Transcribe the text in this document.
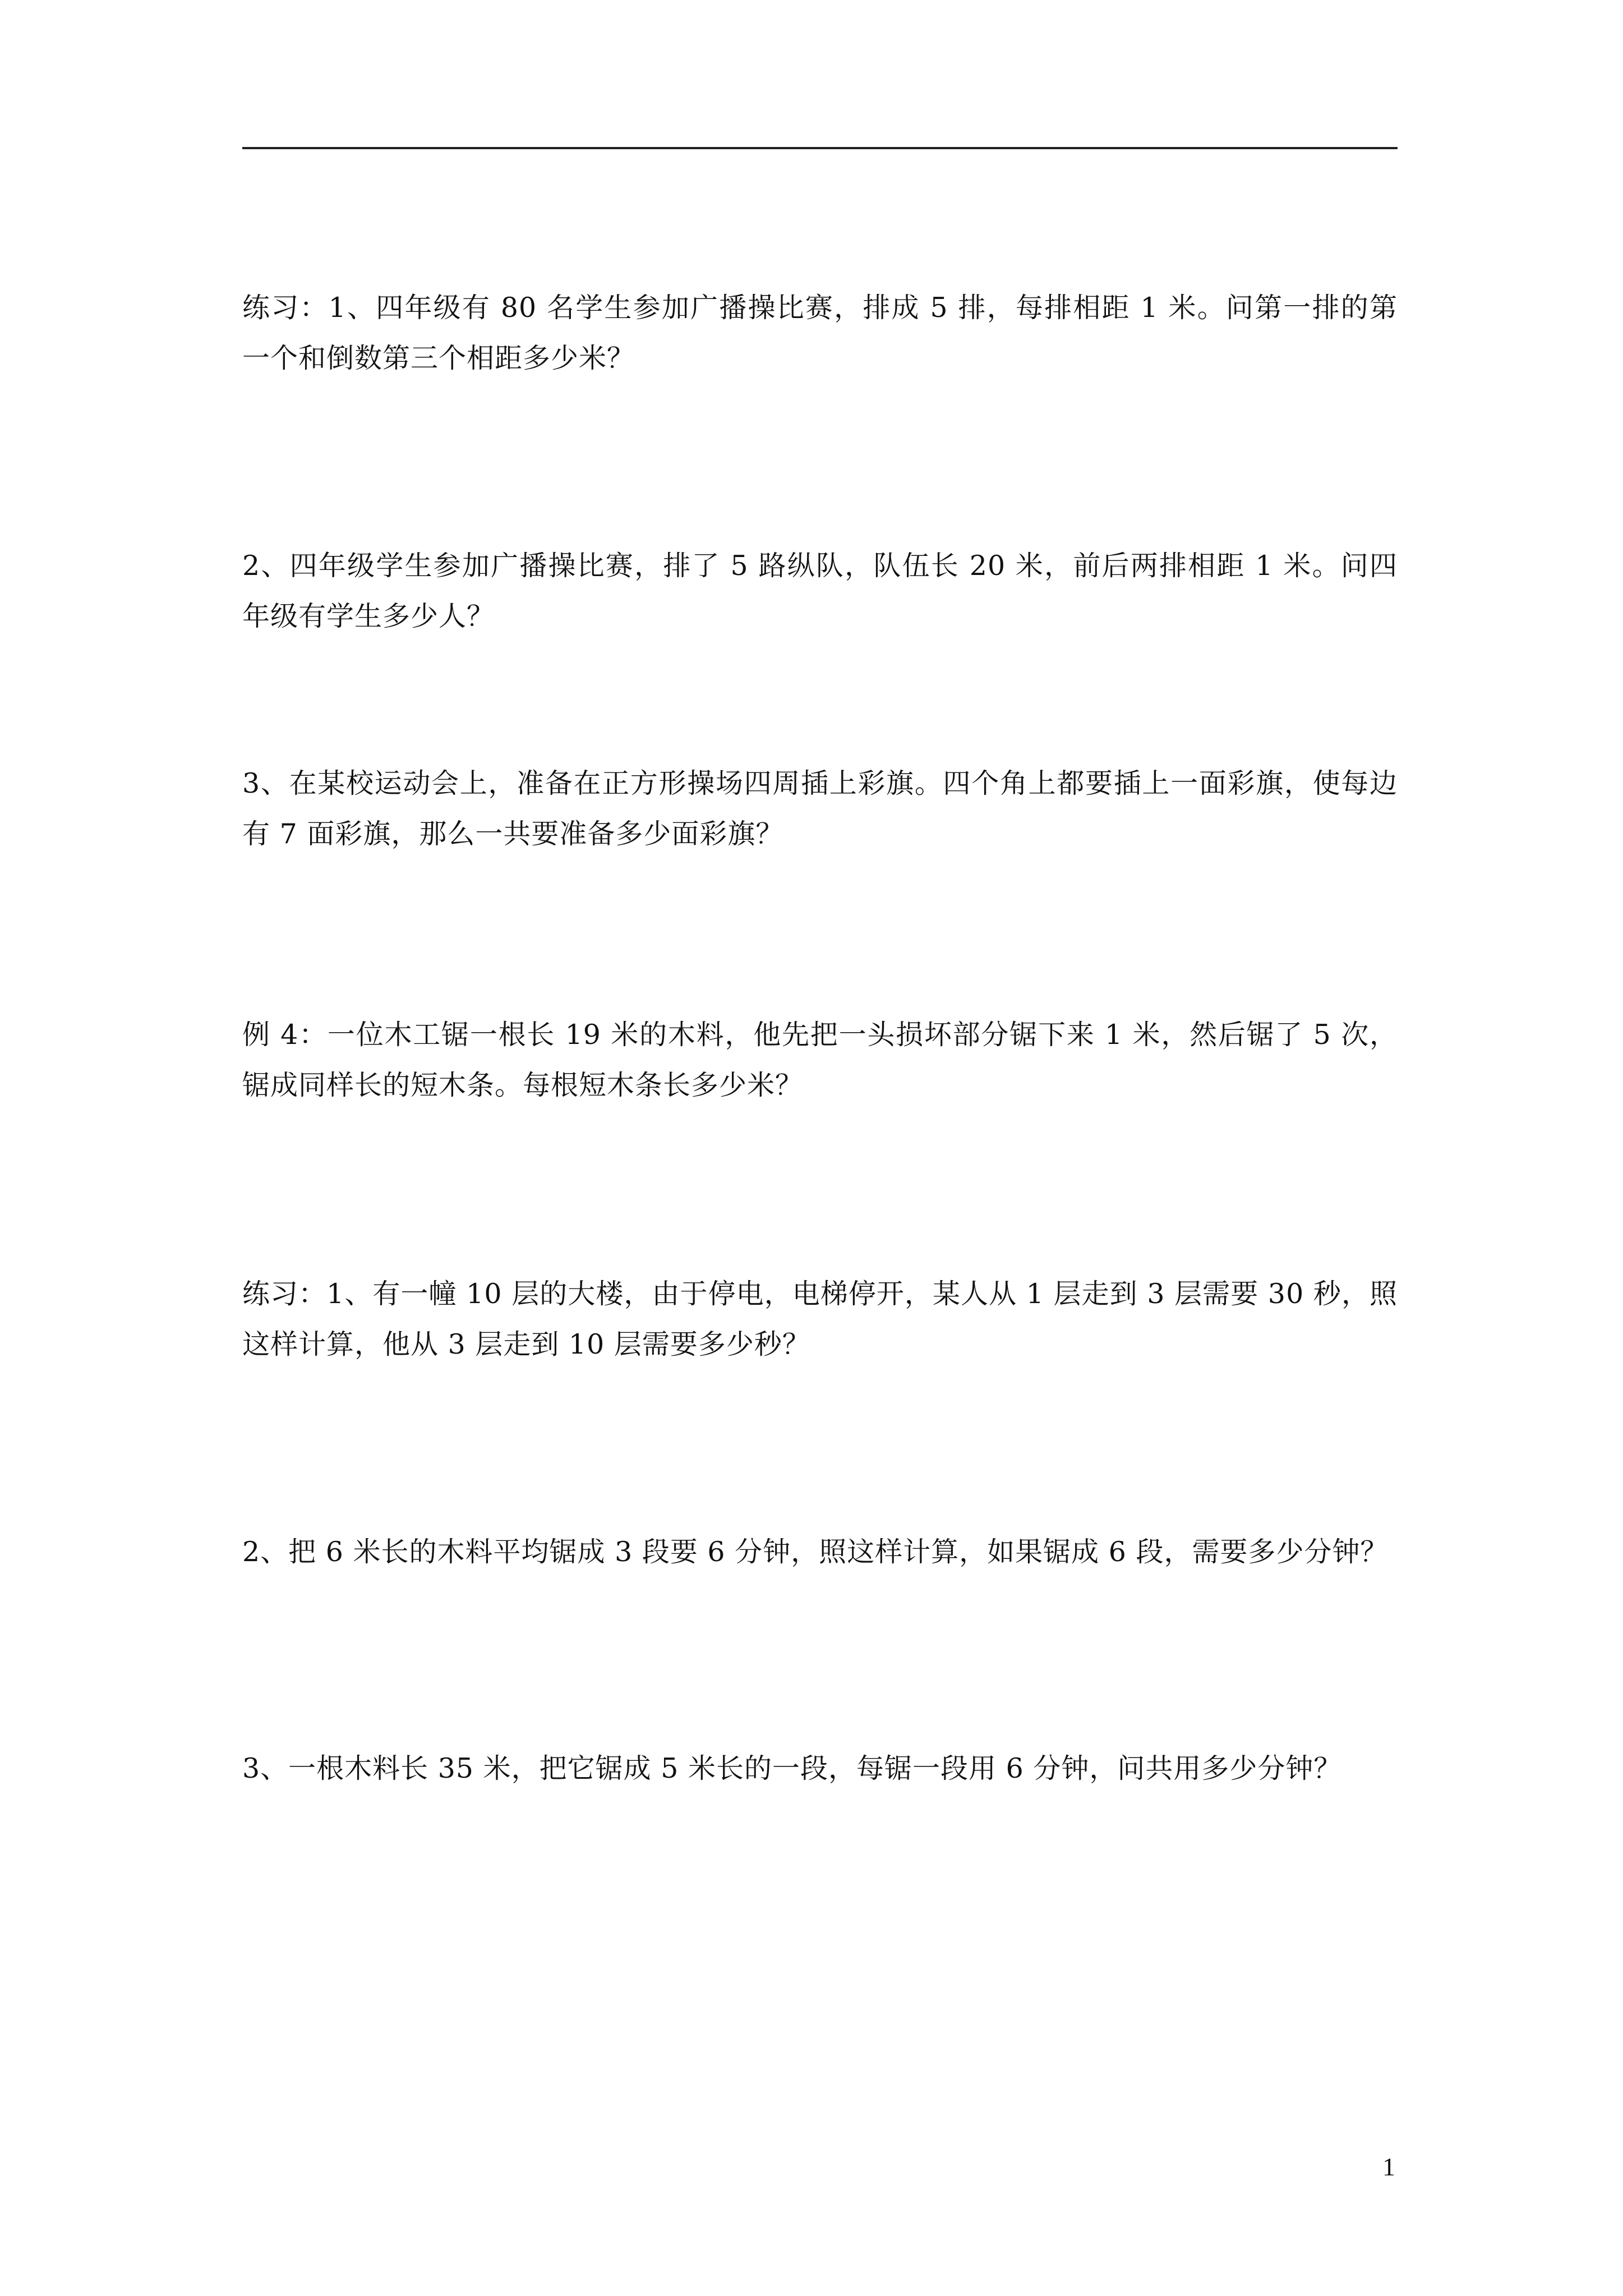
练习：1、四年级有 80 名学生参加广播操比赛，排成 5 排，每排相距 1 米。问第一排的第一个和倒数第三个相距多少米？

2、四年级学生参加广播操比赛，排了 5 路纵队，队伍长 20 米，前后两排相距 1 米。问四年级有学生多少人？

3、在某校运动会上，准备在正方形操场四周插上彩旗。四个角上都要插上一面彩旗，使每边有 7 面彩旗，那么一共要准备多少面彩旗？

例 4：一位木工锯一根长 19 米的木料，他先把一头损坏部分锯下来 1 米，然后锯了 5 次，锯成同样长的短木条。每根短木条长多少米？

练习：1、有一幢 10 层的大楼，由于停电，电梯停开，某人从 1 层走到 3 层需要 30 秒，照这样计算，他从 3 层走到 10 层需要多少秒？

2、把 6 米长的木料平均锯成 3 段要 6 分钟，照这样计算，如果锯成 6 段，需要多少分钟？

3、一根木料长 35 米，把它锯成 5 米长的一段，每锯一段用 6 分钟，问共用多少分钟？

1
